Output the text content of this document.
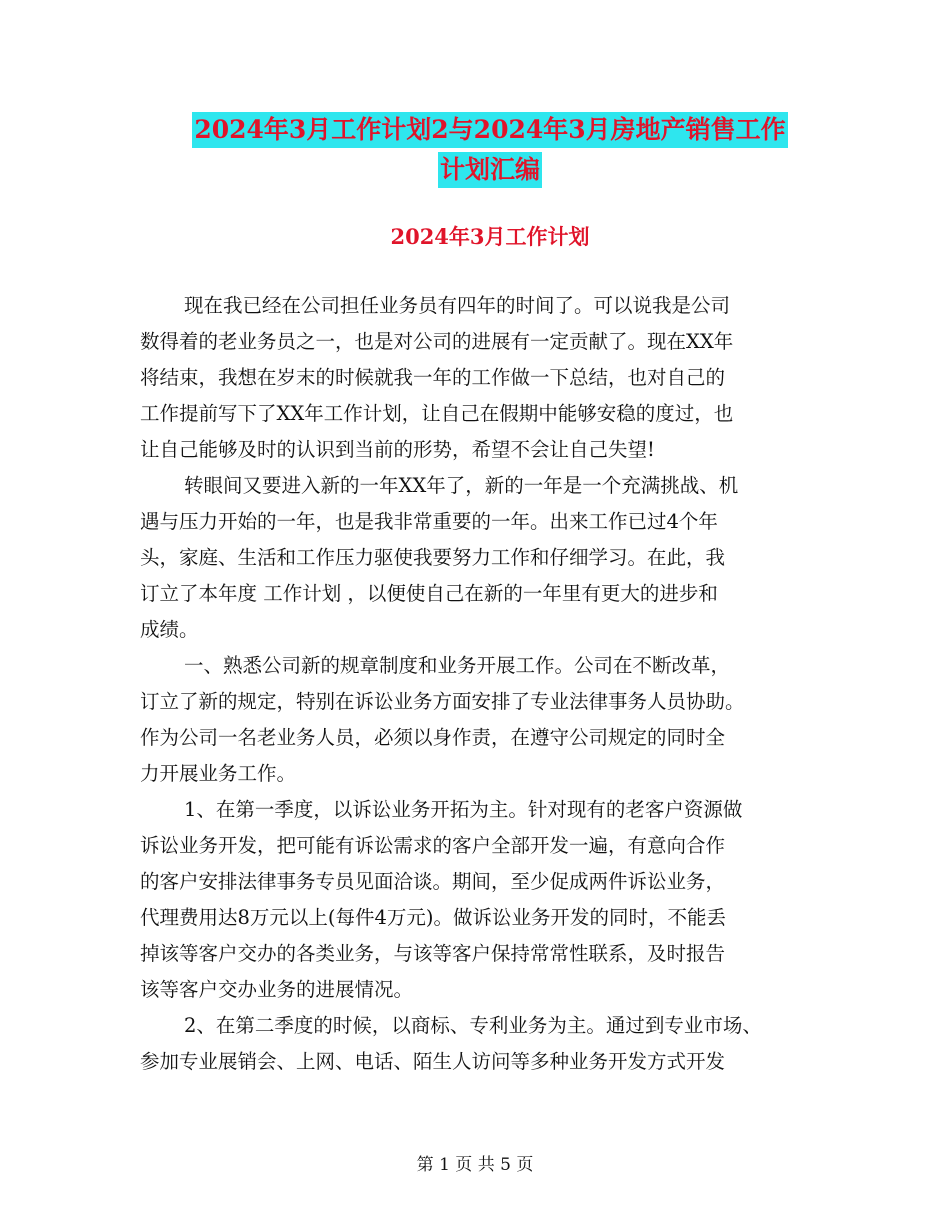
2024年3月工作计划2与2024年3月房地产销售工作
计划汇编
2024年3月工作计划
现在我已经在公司担任业务员有四年的时间了。可以说我是公司
数得着的老业务员之一，也是对公司的进展有一定贡献了。现在XX年
将结束，我想在岁末的时候就我一年的工作做一下总结，也对自己的
工作提前写下了XX年工作计划，让自己在假期中能够安稳的度过，也
让自己能够及时的认识到当前的形势，希望不会让自己失望!
转眼间又要进入新的一年XX年了，新的一年是一个充满挑战、机
遇与压力开始的一年，也是我非常重要的一年。出来工作已过4个年
头，家庭、生活和工作压力驱使我要努力工作和仔细学习。在此，我
订立了本年度 工作计划 ，以便使自己在新的一年里有更大的进步和
成绩。
一、熟悉公司新的规章制度和业务开展工作。公司在不断改革，
订立了新的规定，特别在诉讼业务方面安排了专业法律事务人员协助。
作为公司一名老业务人员，必须以身作责，在遵守公司规定的同时全
力开展业务工作。
1、在第一季度，以诉讼业务开拓为主。针对现有的老客户资源做
诉讼业务开发，把可能有诉讼需求的客户全部开发一遍，有意向合作
的客户安排法律事务专员见面洽谈。期间，至少促成两件诉讼业务，
代理费用达8万元以上(每件4万元)。做诉讼业务开发的同时，不能丢
掉该等客户交办的各类业务，与该等客户保持常常性联系，及时报告
该等客户交办业务的进展情况。
2、在第二季度的时候，以商标、专利业务为主。通过到专业市场、
参加专业展销会、上网、电话、陌生人访问等多种业务开发方式开发
第 1 页 共 5 页
